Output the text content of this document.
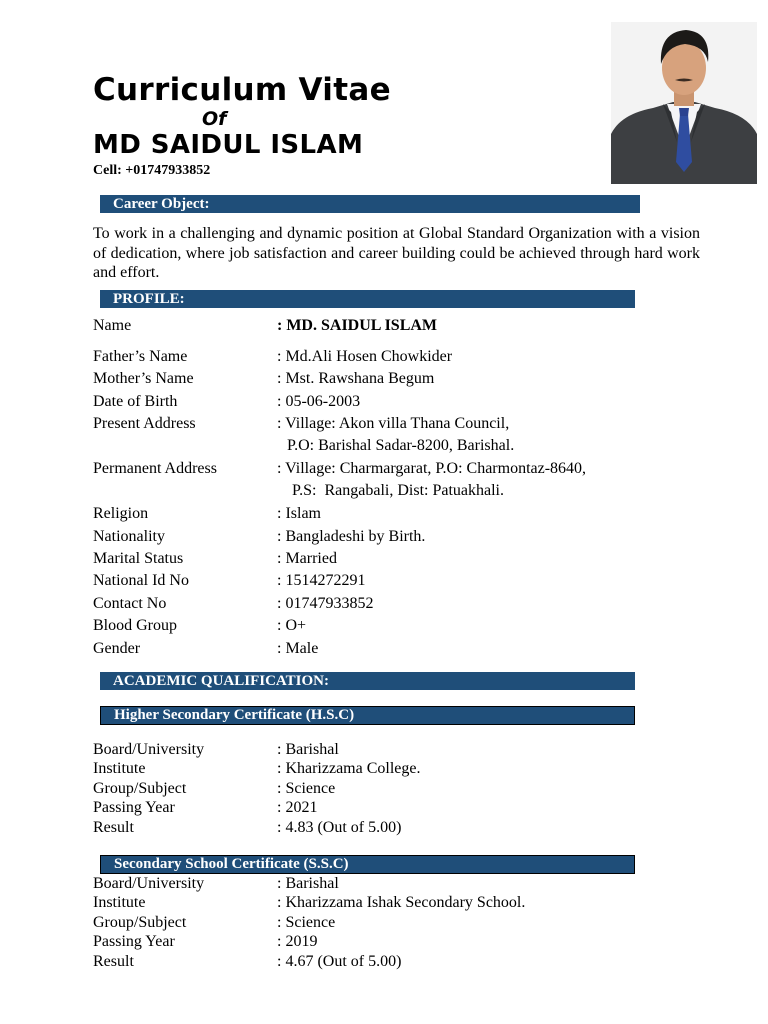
Curriculum Vitae
Of
MD SAIDUL ISLAM
Cell: +01747933852
Career Object:
To work in a challenging and dynamic position at Global Standard Organization with a vision of dedication, where job satisfaction and career building could be achieved through hard work and effort.
PROFILE:
Name	: MD. SAIDUL ISLAM
Father’s Name	: Md.Ali Hosen Chowkider
Mother’s Name	: Mst. Rawshana Begum
Date of Birth	: 05-06-2003
Present Address	: Village: Akon villa Thana Council,
P.O: Barishal Sadar-8200, Barishal.
Permanent Address	: Village: Charmargarat, P.O: Charmontaz-8640,
P.S:  Rangabali, Dist: Patuakhali.
Religion	: Islam
Nationality	: Bangladeshi by Birth.
Marital Status	: Married
National Id No	: 1514272291
Contact No	: 01747933852
Blood Group	: O+
Gender	: Male
ACADEMIC QUALIFICATION:
Higher Secondary Certificate (H.S.C)
Board/University	: Barishal
Institute	: Kharizzama College.
Group/Subject	: Science
Passing Year	: 2021
Result	: 4.83 (Out of 5.00)
Secondary School Certificate (S.S.C)
Board/University	: Barishal
Institute	: Kharizzama Ishak Secondary School.
Group/Subject	: Science
Passing Year	: 2019
Result	: 4.67 (Out of 5.00)
